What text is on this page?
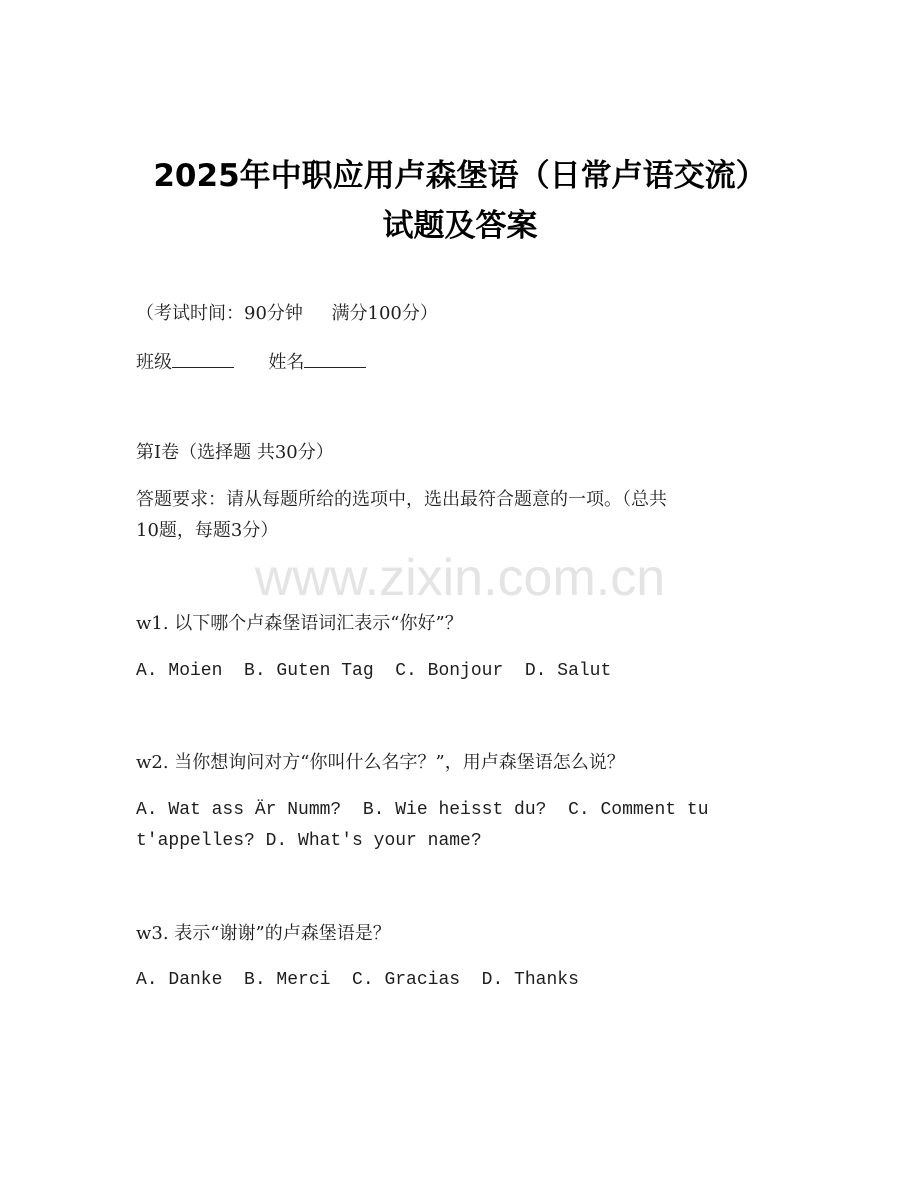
2025年中职应用卢森堡语（日常卢语交流）
试题及答案
（考试时间：90分钟     满分100分）
班级	姓名
第I卷（选择题 共30分）
答题要求：请从每题所给的选项中，选出最符合题意的一项。（总共
10题，每题3分）
www.zixin.com.cn
w1. 以下哪个卢森堡语词汇表示“你好”？
A. Moien  B. Guten Tag  C. Bonjour  D. Salut
w2. 当你想询问对方“你叫什么名字？”，用卢森堡语怎么说？
A. Wat ass Är Numm?  B. Wie heisst du?  C. Comment tu
t'appelles? D. What's your name?
w3. 表示“谢谢”的卢森堡语是？
A. Danke  B. Merci  C. Gracias  D. Thanks
